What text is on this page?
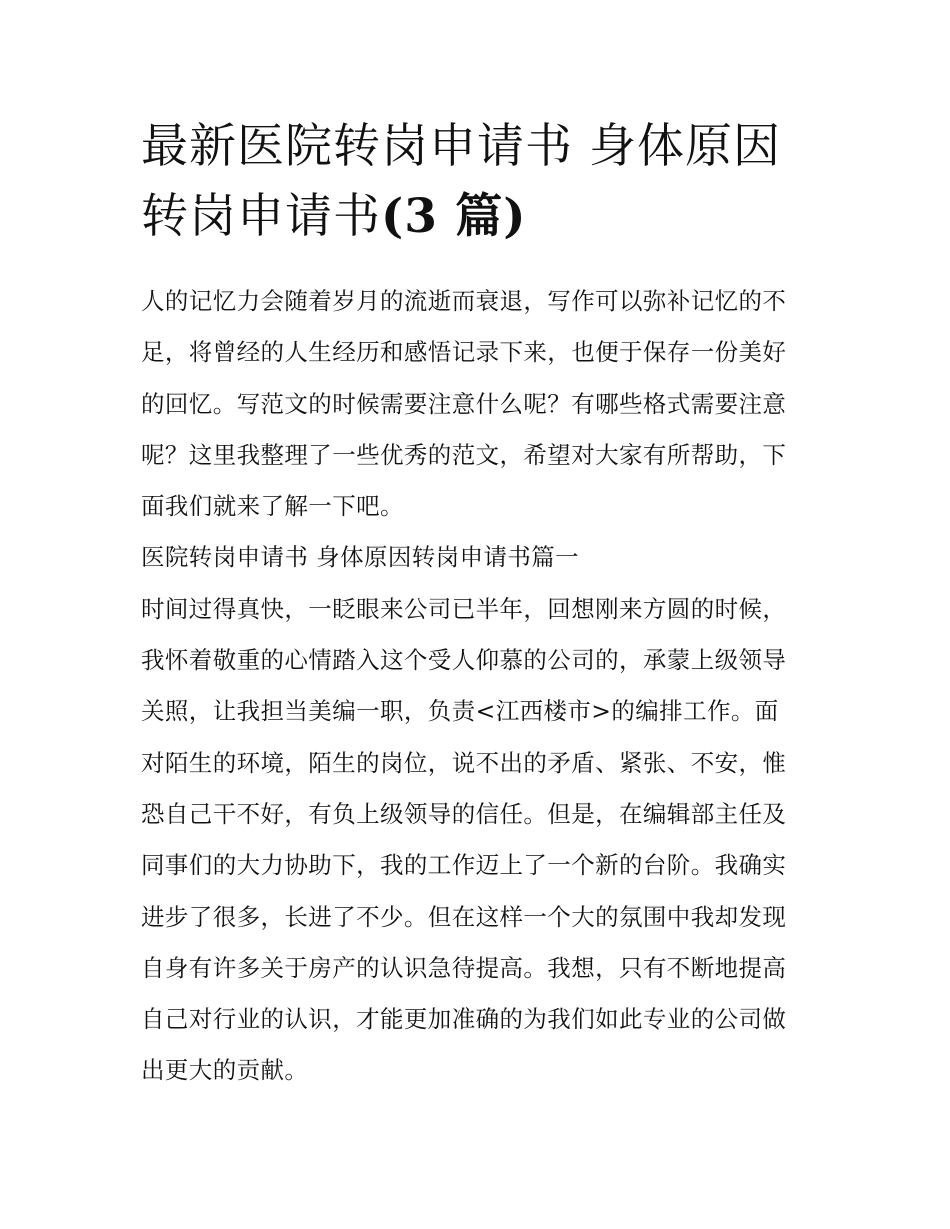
最新医院转岗申请书 身体原因
转岗申请书(3 篇)

人的记忆力会随着岁月的流逝而衰退，写作可以弥补记忆的不
足，将曾经的人生经历和感悟记录下来，也便于保存一份美好
的回忆。写范文的时候需要注意什么呢？有哪些格式需要注意
呢？这里我整理了一些优秀的范文，希望对大家有所帮助，下
面我们就来了解一下吧。

医院转岗申请书 身体原因转岗申请书篇一

时间过得真快，一眨眼来公司已半年，回想刚来方圆的时候，
我怀着敬重的心情踏入这个受人仰慕的公司的，承蒙上级领导
关照，让我担当美编一职，负责<江西楼市>的编排工作。面
对陌生的环境，陌生的岗位，说不出的矛盾、紧张、不安，惟
恐自己干不好，有负上级领导的信任。但是，在编辑部主任及
同事们的大力协助下，我的工作迈上了一个新的台阶。我确实
进步了很多，长进了不少。但在这样一个大的氛围中我却发现
自身有许多关于房产的认识急待提高。我想，只有不断地提高
自己对行业的认识，才能更加准确的为我们如此专业的公司做
出更大的贡献。
